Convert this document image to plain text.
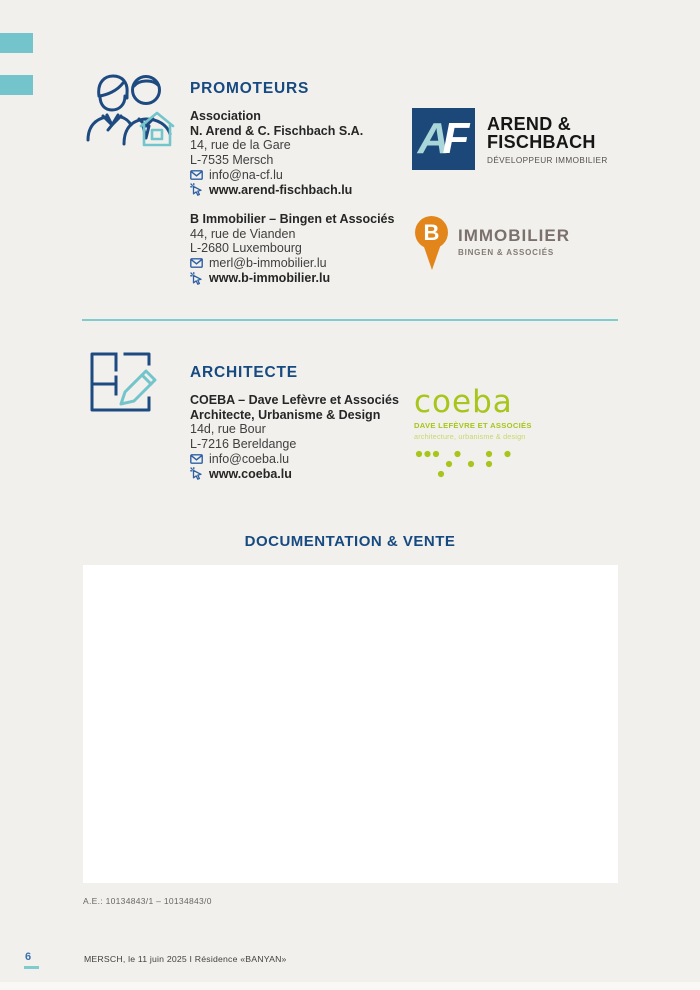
PROMOTEURS
Association
N. Arend & C. Fischbach S.A.
14, rue de la Gare
L-7535 Mersch
info@na-cf.lu
www.arend-fischbach.lu
A
F AREND &
FISCHBACH
DÉVELOPPEUR IMMOBILIER
B Immobilier – Bingen et Associés
44, rue de Vianden
L-2680 Luxembourg
merl@b-immobilier.lu
www.b-immobilier.lu
B IMMOBILIER
BINGEN & ASSOCIÉS
ARCHITECTE
COEBA – Dave Lefèvre et Associés
Architecte, Urbanisme & Design
14d, rue Bour
L-7216 Bereldange
info@coeba.lu
www.coeba.lu
coeba
DAVE LEFÈVRE ET ASSOCIÉS
architecture, urbanisme & design
DOCUMENTATION & VENTE
A.E.: 10134843/1 – 10134843/0
6	MERSCH, le 11 juin 2025 I Résidence «BANYAN»
